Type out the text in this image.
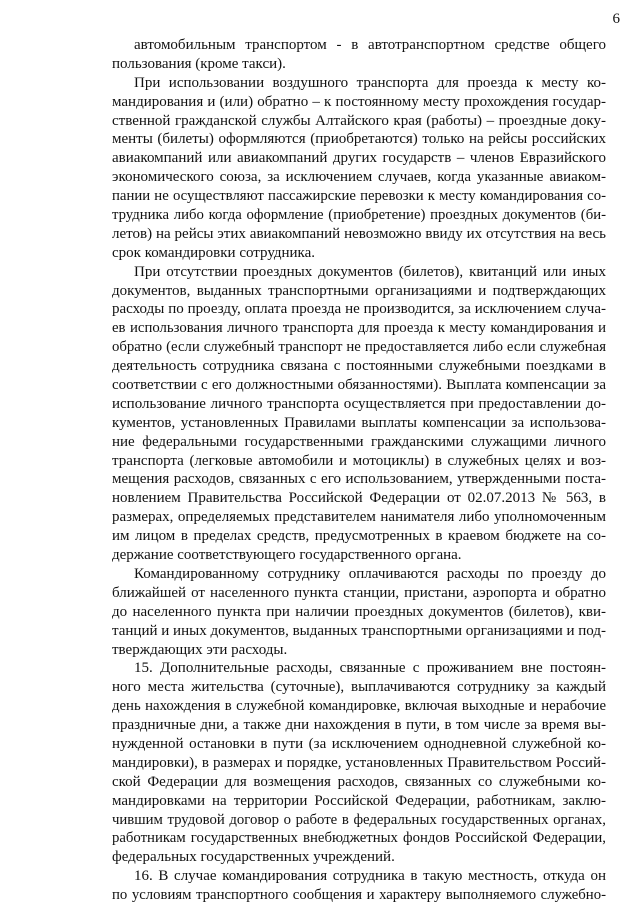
6
автомобильным транспортом - в автотранспортном средстве общего
пользования (кроме такси).
При использовании воздушного транспорта для проезда к месту ко-
мандирования и (или) обратно – к постоянному месту прохождения государ-
ственной гражданской службы Алтайского края (работы) – проездные доку-
менты (билеты) оформляются (приобретаются) только на рейсы российских
авиакомпаний или авиакомпаний других государств – членов Евразийского
экономического союза, за исключением случаев, когда указанные авиаком-
пании не осуществляют пассажирские перевозки к месту командирования со-
трудника либо когда оформление (приобретение) проездных документов (би-
летов) на рейсы этих авиакомпаний невозможно ввиду их отсутствия на весь
срок командировки сотрудника.
При отсутствии проездных документов (билетов), квитанций или иных
документов, выданных транспортными организациями и подтверждающих
расходы по проезду, оплата проезда не производится, за исключением случа-
ев использования личного транспорта для проезда к месту командирования и
обратно (если служебный транспорт не предоставляется либо если служебная
деятельность сотрудника связана с постоянными служебными поездками в
соответствии с его должностными обязанностями). Выплата компенсации за
использование личного транспорта осуществляется при предоставлении до-
кументов, установленных Правилами выплаты компенсации за использова-
ние федеральными государственными гражданскими служащими личного
транспорта (легковые автомобили и мотоциклы) в служебных целях и воз-
мещения расходов, связанных с его использованием, утвержденными поста-
новлением Правительства Российской Федерации от 02.07.2013 № 563, в
размерах, определяемых представителем нанимателя либо уполномоченным
им лицом в пределах средств, предусмотренных в краевом бюджете на со-
держание соответствующего государственного органа.
Командированному сотруднику оплачиваются расходы по проезду до
ближайшей от населенного пункта станции, пристани, аэропорта и обратно
до населенного пункта при наличии проездных документов (билетов), кви-
танций и иных документов, выданных транспортными организациями и под-
тверждающих эти расходы.
15. Дополнительные расходы, связанные с проживанием вне постоян-
ного места жительства (суточные), выплачиваются сотруднику за каждый
день нахождения в служебной командировке, включая выходные и нерабочие
праздничные дни, а также дни нахождения в пути, в том числе за время вы-
нужденной остановки в пути (за исключением однодневной служебной ко-
мандировки), в размерах и порядке, установленных Правительством Россий-
ской Федерации для возмещения расходов, связанных со служебными ко-
мандировками на территории Российской Федерации, работникам, заклю-
чившим трудовой договор о работе в федеральных государственных органах,
работникам государственных внебюджетных фондов Российской Федерации,
федеральных государственных учреждений.
16. В случае командирования сотрудника в такую местность, откуда он
по условиям транспортного сообщения и характеру выполняемого служебно-
